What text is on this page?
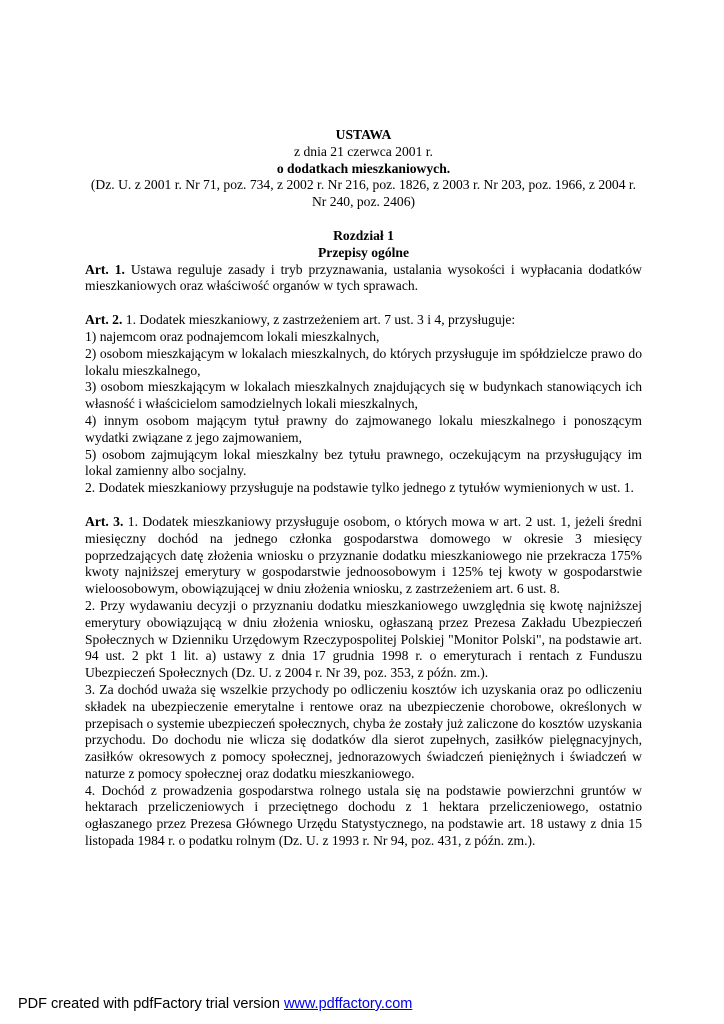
USTAWA
z dnia 21 czerwca 2001 r.
o dodatkach mieszkaniowych.
(Dz. U. z 2001 r. Nr 71, poz. 734, z 2002 r. Nr 216, poz. 1826, z 2003 r. Nr 203, poz. 1966, z 2004 r. Nr 240, poz. 2406)
Rozdział 1
Przepisy ogólne
Art. 1. Ustawa reguluje zasady i tryb przyznawania, ustalania wysokości i wypłacania dodatków mieszkaniowych oraz właściwość organów w tych sprawach.
Art. 2. 1. Dodatek mieszkaniowy, z zastrzeżeniem art. 7 ust. 3 i 4, przysługuje:
1) najemcom oraz podnajemcom lokali mieszkalnych,
2) osobom mieszkającym w lokalach mieszkalnych, do których przysługuje im spółdzielcze prawo do lokalu mieszkalnego,
3) osobom mieszkającym w lokalach mieszkalnych znajdujących się w budynkach stanowiących ich własność i właścicielom samodzielnych lokali mieszkalnych,
4) innym osobom mającym tytuł prawny do zajmowanego lokalu mieszkalnego i ponoszącym wydatki związane z jego zajmowaniem,
5) osobom zajmującym lokal mieszkalny bez tytułu prawnego, oczekującym na przysługujący im lokal zamienny albo socjalny.
2. Dodatek mieszkaniowy przysługuje na podstawie tylko jednego z tytułów wymienionych w ust. 1.
Art. 3. 1. Dodatek mieszkaniowy przysługuje osobom, o których mowa w art. 2 ust. 1, jeżeli średni miesięczny dochód na jednego członka gospodarstwa domowego w okresie 3 miesięcy poprzedzających datę złożenia wniosku o przyznanie dodatku mieszkaniowego nie przekracza 175% kwoty najniższej emerytury w gospodarstwie jednoosobowym i 125% tej kwoty w gospodarstwie wieloosobowym, obowiązującej w dniu złożenia wniosku, z zastrzeżeniem art. 6 ust. 8.
2. Przy wydawaniu decyzji o przyznaniu dodatku mieszkaniowego uwzględnia się kwotę najniższej emerytury obowiązującą w dniu złożenia wniosku, ogłaszaną przez Prezesa Zakładu Ubezpieczeń Społecznych w Dzienniku Urzędowym Rzeczypospolitej Polskiej "Monitor Polski", na podstawie art. 94 ust. 2 pkt 1 lit. a) ustawy z dnia 17 grudnia 1998 r. o emeryturach i rentach z Funduszu Ubezpieczeń Społecznych (Dz. U. z 2004 r. Nr 39, poz. 353, z późn. zm.).
3. Za dochód uważa się wszelkie przychody po odliczeniu kosztów ich uzyskania oraz po odliczeniu składek na ubezpieczenie emerytalne i rentowe oraz na ubezpieczenie chorobowe, określonych w przepisach o systemie ubezpieczeń społecznych, chyba że zostały już zaliczone do kosztów uzyskania przychodu. Do dochodu nie wlicza się dodatków dla sierot zupełnych, zasiłków pielęgnacyjnych, zasiłków okresowych z pomocy społecznej, jednorazowych świadczeń pieniężnych i świadczeń w naturze z pomocy społecznej oraz dodatku mieszkaniowego.
4. Dochód z prowadzenia gospodarstwa rolnego ustala się na podstawie powierzchni gruntów w hektarach przeliczeniowych i przeciętnego dochodu z 1 hektara przeliczeniowego, ostatnio ogłaszanego przez Prezesa Głównego Urzędu Statystycznego, na podstawie art. 18 ustawy z dnia 15 listopada 1984 r. o podatku rolnym (Dz. U. z 1993 r. Nr 94, poz. 431, z późn. zm.).
PDF created with pdfFactory trial version www.pdffactory.com
